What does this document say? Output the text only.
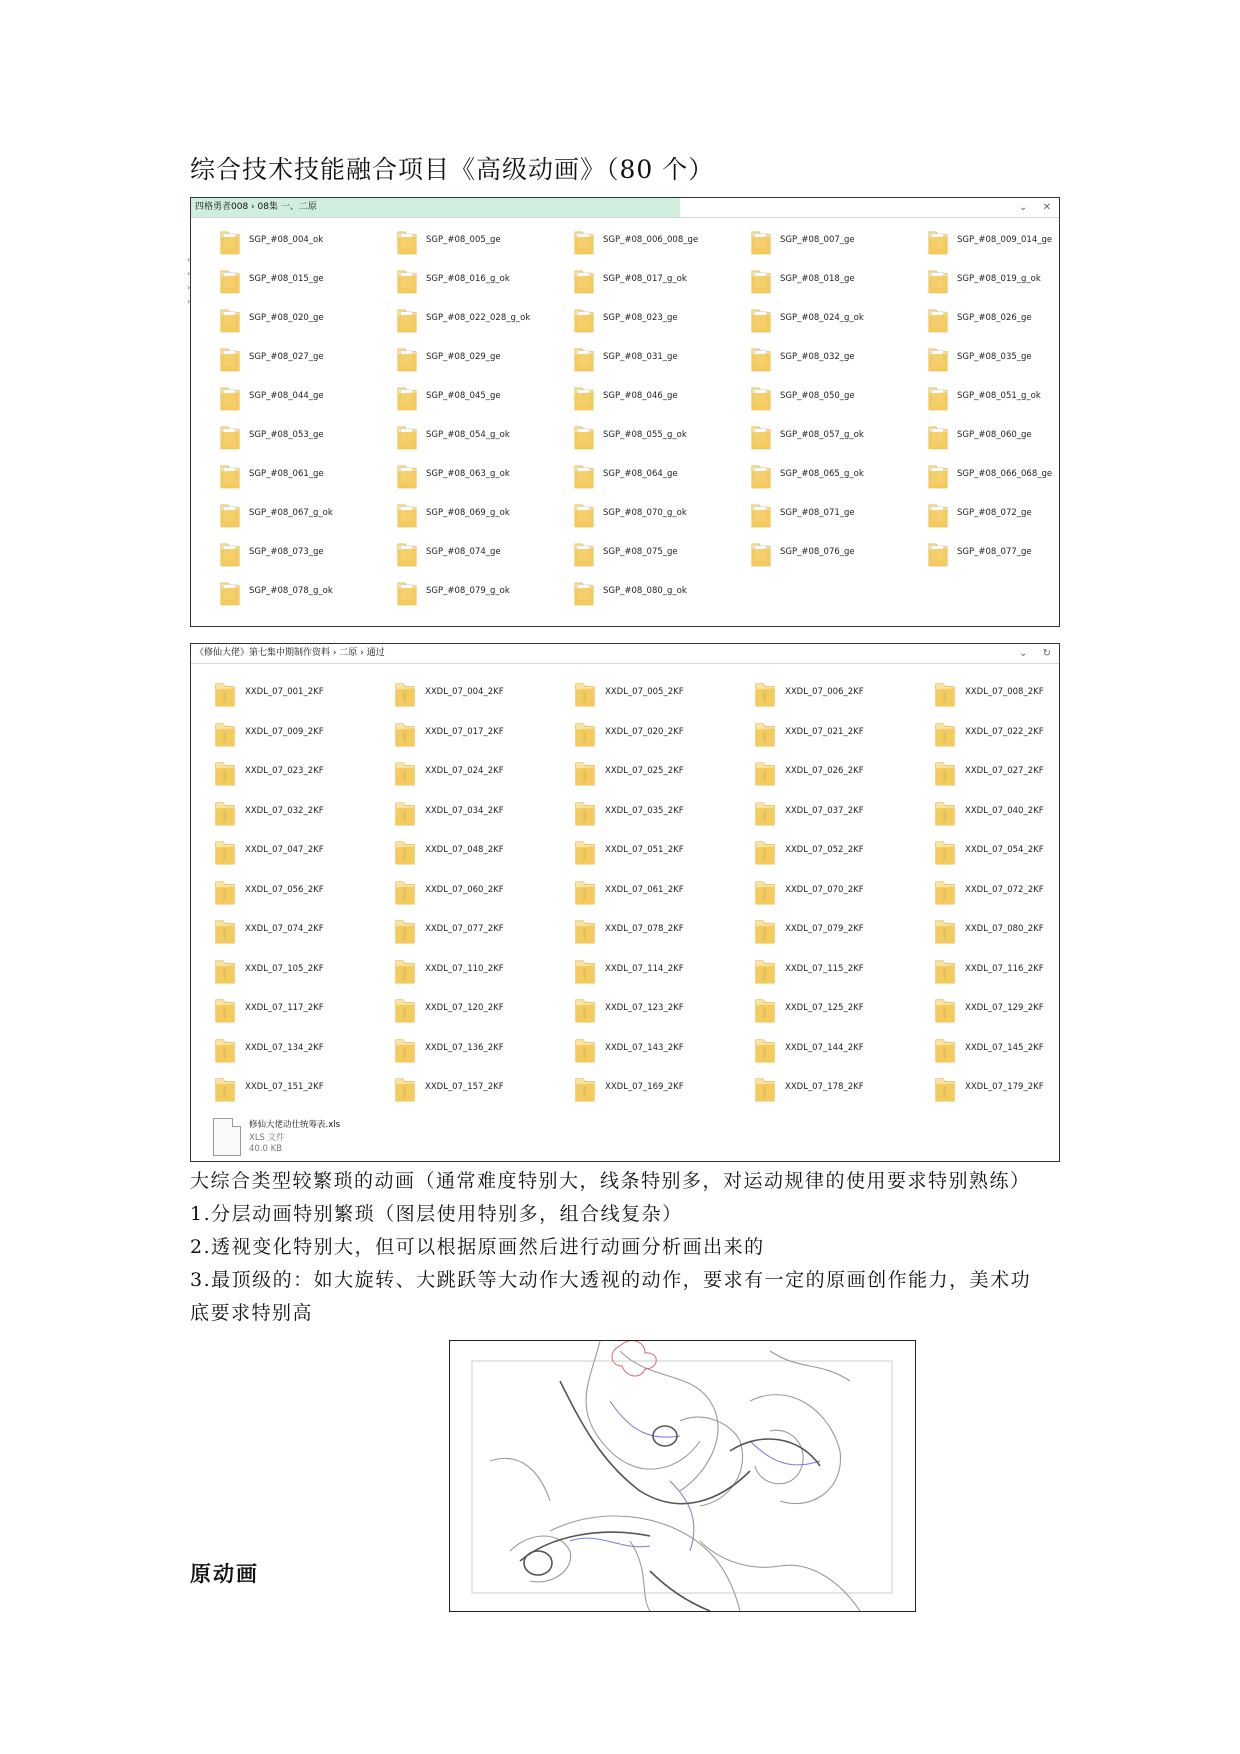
综合技术技能融合项目《高级动画》（80 个）
四格勇者008 › 08集 一、二原	⌄ ✕
›
›
›
›
SGP_#08_004_ok	SGP_#08_005_ge	SGP_#08_006_008_ge	SGP_#08_007_ge	SGP_#08_009_014_ge
SGP_#08_015_ge	SGP_#08_016_g_ok	SGP_#08_017_g_ok	SGP_#08_018_ge	SGP_#08_019_g_ok
SGP_#08_020_ge	SGP_#08_022_028_g_ok	SGP_#08_023_ge	SGP_#08_024_g_ok	SGP_#08_026_ge
SGP_#08_027_ge	SGP_#08_029_ge	SGP_#08_031_ge	SGP_#08_032_ge	SGP_#08_035_ge
SGP_#08_044_ge	SGP_#08_045_ge	SGP_#08_046_ge	SGP_#08_050_ge	SGP_#08_051_g_ok
SGP_#08_053_ge	SGP_#08_054_g_ok	SGP_#08_055_g_ok	SGP_#08_057_g_ok	SGP_#08_060_ge
SGP_#08_061_ge	SGP_#08_063_g_ok	SGP_#08_064_ge	SGP_#08_065_g_ok	SGP_#08_066_068_ge
SGP_#08_067_g_ok	SGP_#08_069_g_ok	SGP_#08_070_g_ok	SGP_#08_071_ge	SGP_#08_072_ge
SGP_#08_073_ge	SGP_#08_074_ge	SGP_#08_075_ge	SGP_#08_076_ge	SGP_#08_077_ge
SGP_#08_078_g_ok	SGP_#08_079_g_ok	SGP_#08_080_g_ok
《修仙大佬》第七集中期制作资料 › 二原 › 通过	⌄ ↻
XXDL_07_001_2KF	XXDL_07_004_2KF	XXDL_07_005_2KF	XXDL_07_006_2KF	XXDL_07_008_2KF
XXDL_07_009_2KF	XXDL_07_017_2KF	XXDL_07_020_2KF	XXDL_07_021_2KF	XXDL_07_022_2KF
XXDL_07_023_2KF	XXDL_07_024_2KF	XXDL_07_025_2KF	XXDL_07_026_2KF	XXDL_07_027_2KF
XXDL_07_032_2KF	XXDL_07_034_2KF	XXDL_07_035_2KF	XXDL_07_037_2KF	XXDL_07_040_2KF
XXDL_07_047_2KF	XXDL_07_048_2KF	XXDL_07_051_2KF	XXDL_07_052_2KF	XXDL_07_054_2KF
XXDL_07_056_2KF	XXDL_07_060_2KF	XXDL_07_061_2KF	XXDL_07_070_2KF	XXDL_07_072_2KF
XXDL_07_074_2KF	XXDL_07_077_2KF	XXDL_07_078_2KF	XXDL_07_079_2KF	XXDL_07_080_2KF
XXDL_07_105_2KF	XXDL_07_110_2KF	XXDL_07_114_2KF	XXDL_07_115_2KF	XXDL_07_116_2KF
XXDL_07_117_2KF	XXDL_07_120_2KF	XXDL_07_123_2KF	XXDL_07_125_2KF	XXDL_07_129_2KF
XXDL_07_134_2KF	XXDL_07_136_2KF	XXDL_07_143_2KF	XXDL_07_144_2KF	XXDL_07_145_2KF
XXDL_07_151_2KF	XXDL_07_157_2KF	XXDL_07_169_2KF	XXDL_07_178_2KF	XXDL_07_179_2KF
修仙大佬动仕统筹表.xls
XLS 文件
40.0 KB
大综合类型较繁琐的动画（通常难度特别大，线条特别多，对运动规律的使用要求特别熟练）
1.分层动画特别繁琐（图层使用特别多，组合线复杂）
2.透视变化特别大，但可以根据原画然后进行动画分析画出来的
3.最顶级的：如大旋转、大跳跃等大动作大透视的动作，要求有一定的原画创作能力，美术功
底要求特别高
原动画
